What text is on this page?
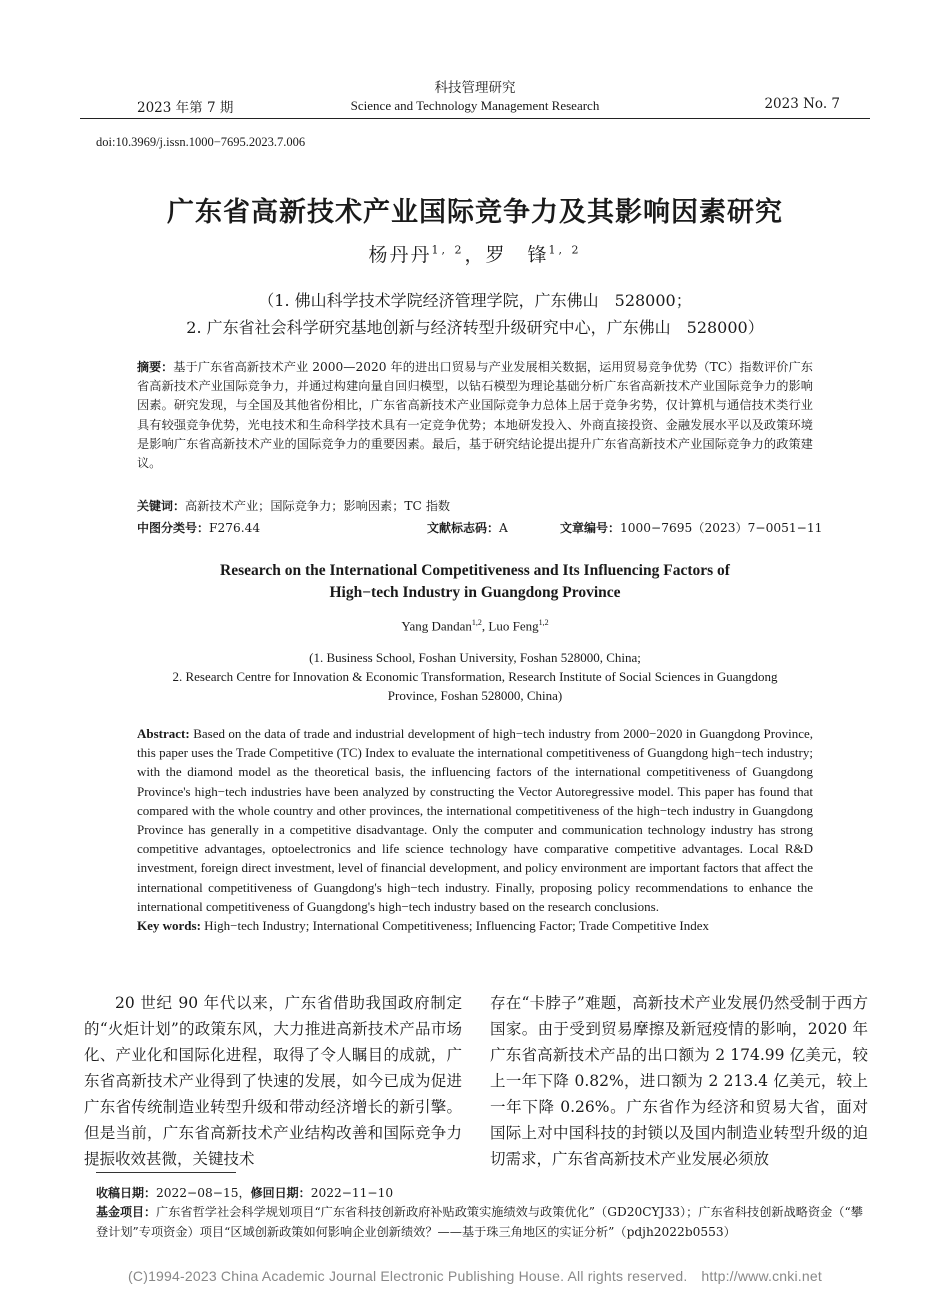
2023 年第 7 期
科技管理研究
Science and Technology Management Research	2023 No. 7
doi:10.3969/j.issn.1000−7695.2023.7.006
广东省高新技术产业国际竞争力及其影响因素研究
杨丹丹$^{1, 2}$，罗　锋$^{1, 2}$
（1. 佛山科学技术学院经济管理学院，广东佛山　528000；
2. 广东省社会科学研究基地创新与经济转型升级研究中心，广东佛山　528000）
摘要：基于广东省高新技术产业 2000—2020 年的进出口贸易与产业发展相关数据，运用贸易竞争优势（TC）指数评价广东省高新技术产业国际竞争力，并通过构建向量自回归模型，以钻石模型为理论基础分析广东省高新技术产业国际竞争力的影响因素。研究发现，与全国及其他省份相比，广东省高新技术产业国际竞争力总体上居于竞争劣势，仅计算机与通信技术类行业具有较强竞争优势，光电技术和生命科学技术具有一定竞争优势；本地研发投入、外商直接投资、金融发展水平以及政策环境是影响广东省高新技术产业的国际竞争力的重要因素。最后，基于研究结论提出提升广东省高新技术产业国际竞争力的政策建议。
关键词：高新技术产业；国际竞争力；影响因素；TC 指数
中图分类号：F276.44	文献标志码：A	文章编号：1000−7695（2023）7−0051−11
Research on the International Competitiveness and Its Influencing Factors of
High−tech Industry in Guangdong Province
Yang Dandan$^{1,2}$, Luo Feng$^{1,2}$
(1. Business School, Foshan University, Foshan 528000, China;
2. Research Centre for Innovation & Economic Transformation, Research Institute of Social Sciences in Guangdong
Province, Foshan 528000, China)
Abstract: Based on the data of trade and industrial development of high−tech industry from 2000−2020 in Guangdong Province, this paper uses the Trade Competitive (TC) Index to evaluate the international competitiveness of Guangdong high−tech industry; with the diamond model as the theoretical basis, the influencing factors of the international competitiveness of Guangdong Province's high−tech industries have been analyzed by constructing the Vector Autoregressive model. This paper has found that compared with the whole country and other provinces, the international competitiveness of the high−tech industry in Guangdong Province has generally in a competitive disadvantage. Only the computer and communication technology industry has strong competitive advantages, optoelectronics and life science technology have comparative competitive advantages. Local R&D investment, foreign direct investment, level of financial development, and policy environment are important factors that affect the international competitiveness of Guangdong's high−tech industry. Finally, proposing policy recommendations to enhance the international competitiveness of Guangdong's high−tech industry based on the research conclusions.
Key words: High−tech Industry; International Competitiveness; Influencing Factor; Trade Competitive Index

20 世纪 90 年代以来，广东省借助我国政府制定的“火炬计划”的政策东风，大力推进高新技术产品市场化、产业化和国际化进程，取得了令人瞩目的成就，广东省高新技术产业得到了快速的发展，如今已成为促进广东省传统制造业转型升级和带动经济增长的新引擎。但是当前，广东省高新技术产业结构改善和国际竞争力提振收效甚微，关键技术

存在“卡脖子”难题，高新技术产业发展仍然受制于西方国家。由于受到贸易摩擦及新冠疫情的影响，2020 年广东省高新技术产品的出口额为 2 174.99 亿美元，较上一年下降 0.82%，进口额为 2 213.4 亿美元，较上一年下降 0.26%。广东省作为经济和贸易大省，面对国际上对中国科技的封锁以及国内制造业转型升级的迫切需求，广东省高新技术产业发展必须放

收稿日期：2022−08−15，修回日期：2022−11−10
基金项目：广东省哲学社会科学规划项目“广东省科技创新政府补贴政策实施绩效与政策优化”（GD20CYJ33）；广东省科技创新战略资金（“攀登计划”专项资金）项目“区域创新政策如何影响企业创新绩效？——基于珠三角地区的实证分析”（pdjh2022b0553）
(C)1994-2023 China Academic Journal Electronic Publishing House. All rights reserved. http://www.cnki.net
